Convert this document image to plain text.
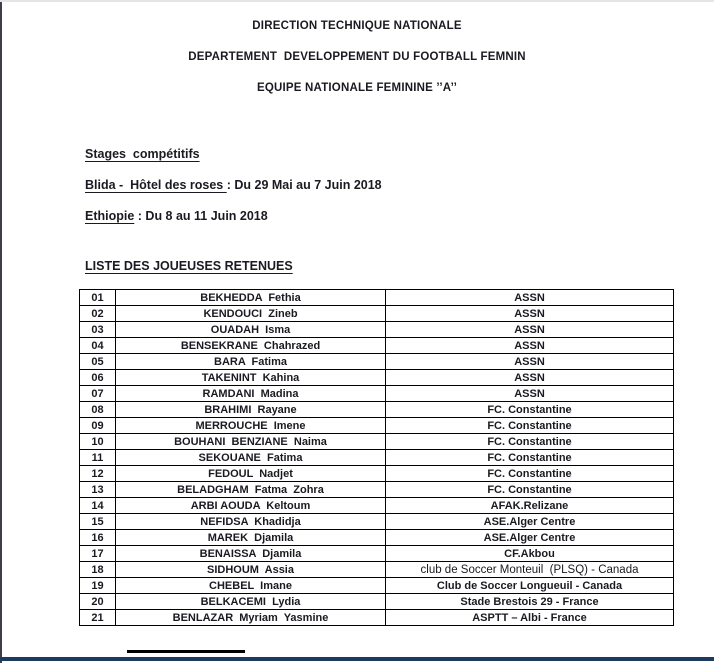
DIRECTION TECHNIQUE NATIONALE
DEPARTEMENT  DEVELOPPEMENT DU FOOTBALL FEMNIN
EQUIPE NATIONALE FEMININE ’’A’’
Stages  compétitifs
Blida -  Hôtel des roses : Du 29 Mai au 7 Juin 2018
Ethiopie : Du 8 au 11 Juin 2018
LISTE DES JOUEUSES RETENUES
01	BEKHEDDA  Fethia	ASSN
02	KENDOUCI  Zineb	ASSN
03	OUADAH  Isma	ASSN
04	BENSEKRANE  Chahrazed	ASSN
05	BARA  Fatima	ASSN
06	TAKENINT  Kahina	ASSN
07	RAMDANI  Madina	ASSN
08	BRAHIMI  Rayane	FC. Constantine
09	MERROUCHE  Imene	FC. Constantine
10	BOUHANI  BENZIANE  Naima	FC. Constantine
11	SEKOUANE  Fatima	FC. Constantine
12	FEDOUL  Nadjet	FC. Constantine
13	BELADGHAM  Fatma  Zohra	FC. Constantine
14	ARBI AOUDA  Keltoum	AFAK.Relizane
15	NEFIDSA  Khadidja	ASE.Alger Centre
16	MAREK  Djamila	ASE.Alger Centre
17	BENAISSA  Djamila	CF.Akbou
18	SIDHOUM  Assia	club de Soccer Monteuil  (PLSQ) - Canada
19	CHEBEL  Imane	Club de Soccer Longueuil - Canada
20	BELKACEMI  Lydia	Stade Brestois 29 - France
21	BENLAZAR  Myriam  Yasmine	ASPTT – Albi - France
